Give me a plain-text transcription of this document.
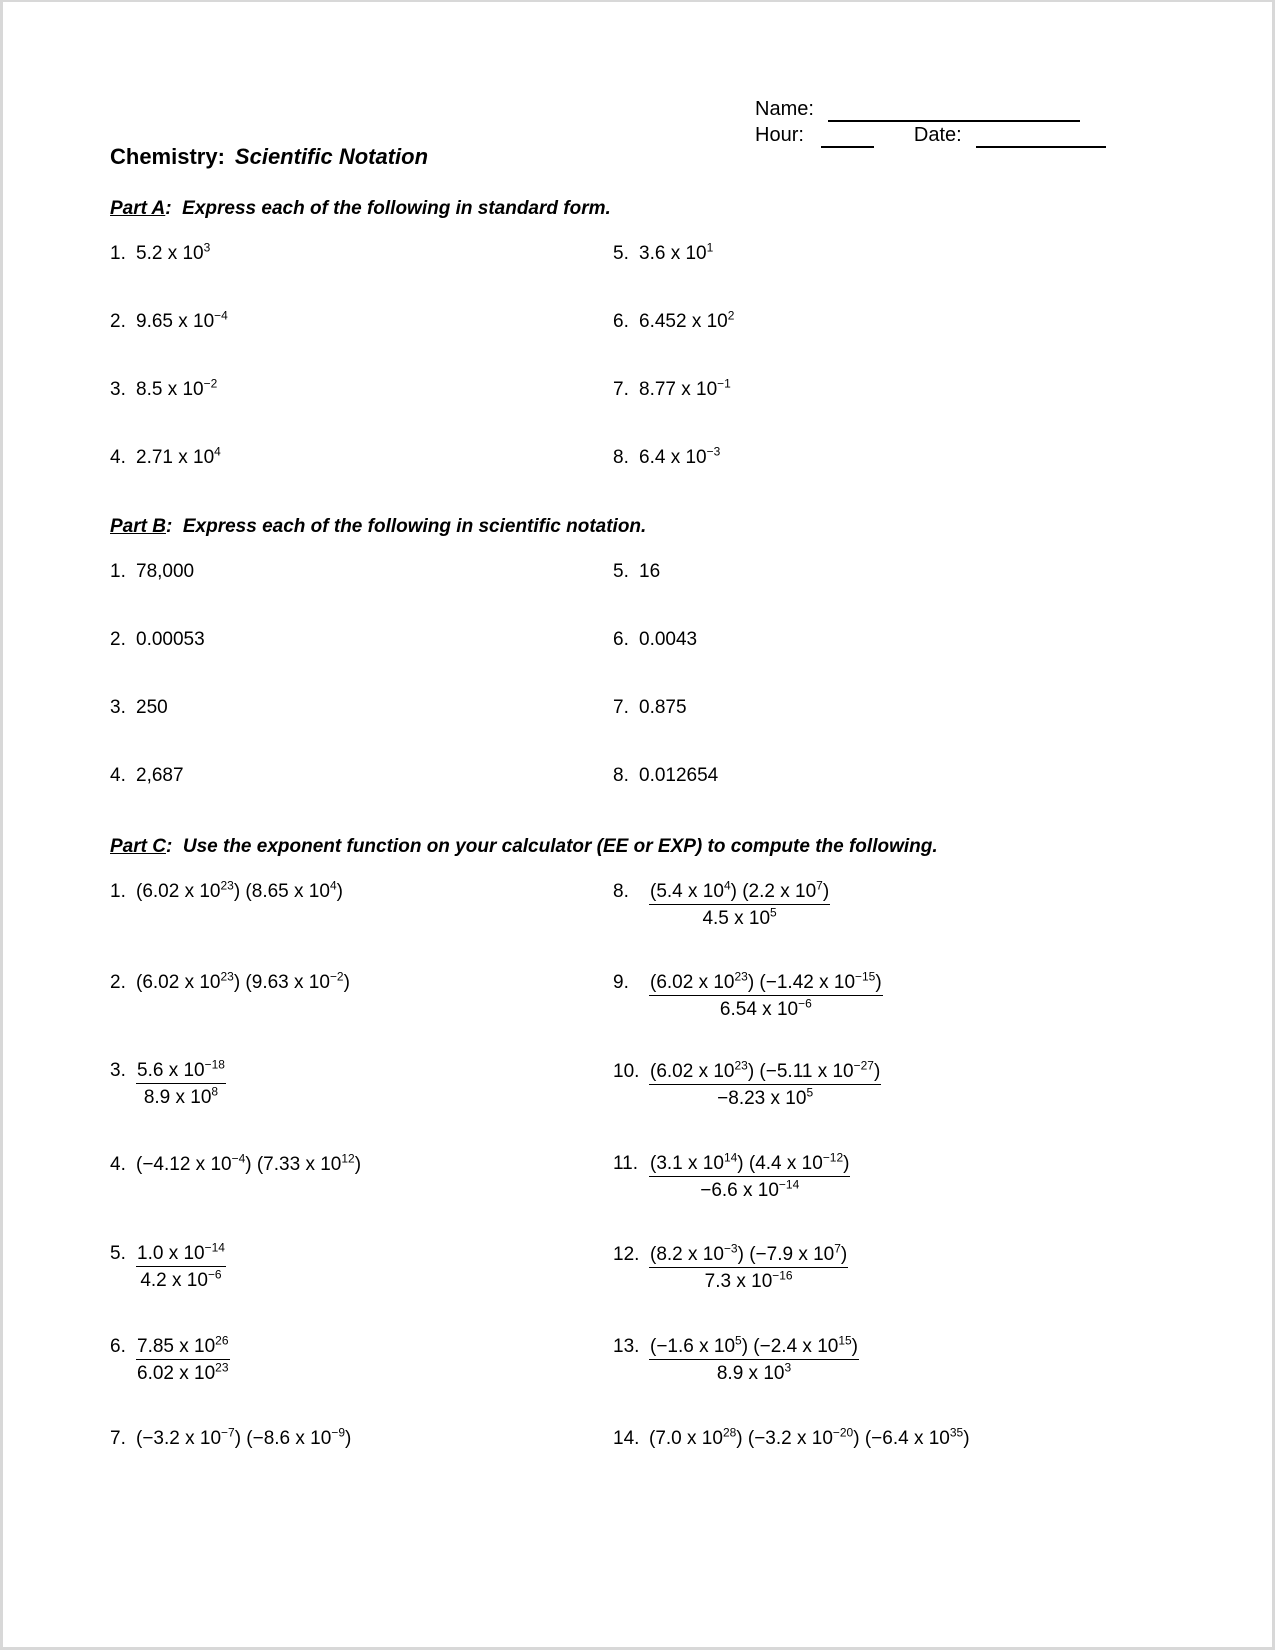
Name:
Hour:	Date:
Chemistry: Scientific Notation
Part A: Express each of the following in standard form.
Part B: Express each of the following in scientific notation.
Part C: Use the exponent function on your calculator (EE or EXP) to compute the following.
1. 5.2 x $10^3$
2. 9.65 x $10^{-4}$
3. 8.5 x $10^{-2}$
4. 2.71 x $10^4$
5. 3.6 x $10^1$
6. 6.452 x $10^2$
7. 8.77 x $10^{-1}$
8. 6.4 x $10^{-3}$
1. 78,000
2. 0.00053
3. 250
4. 2,687
5. 16
6. 0.0043
7. 0.875
8. 0.012654
1. (6.02 x $10^{23}$) (8.65 x $10^4$)
2. (6.02 x $10^{23}$) (9.63 x $10^{-2}$)
3. $\frac{5.6 x 10^{-18}}{8.9 x 10^8}$
4. (−4.12 x $10^{-4}$) (7.33 x $10^{12}$)
5. $\frac{1.0 x 10^{-14}}{4.2 x 10^{-6}}$
6. $\frac{7.85 x 10^{26}}{6.02 x 10^{23}}$
7. (−3.2 x $10^{-7}$) (−8.6 x $10^{-9}$)
8. $\frac{(5.4 x 10^4) (2.2 x 10^7)}{4.5 x 10^5}$
9. $\frac{(6.02 x 10^{23}) (-1.42 x 10^{-15})}{6.54 x 10^{-6}}$
10. $\frac{(6.02 x 10^{23}) (-5.11 x 10^{-27})}{-8.23 x 10^5}$
11. $\frac{(3.1 x 10^{14}) (4.4 x 10^{-12})}{-6.6 x 10^{-14}}$
12. $\frac{(8.2 x 10^{-3}) (-7.9 x 10^7)}{7.3 x 10^{-16}}$
13. $\frac{(-1.6 x 10^5) (-2.4 x 10^{15})}{8.9 x 10^3}$
14. (7.0 x $10^{28}$) (−3.2 x $10^{-20}$) (−6.4 x $10^{35}$)
